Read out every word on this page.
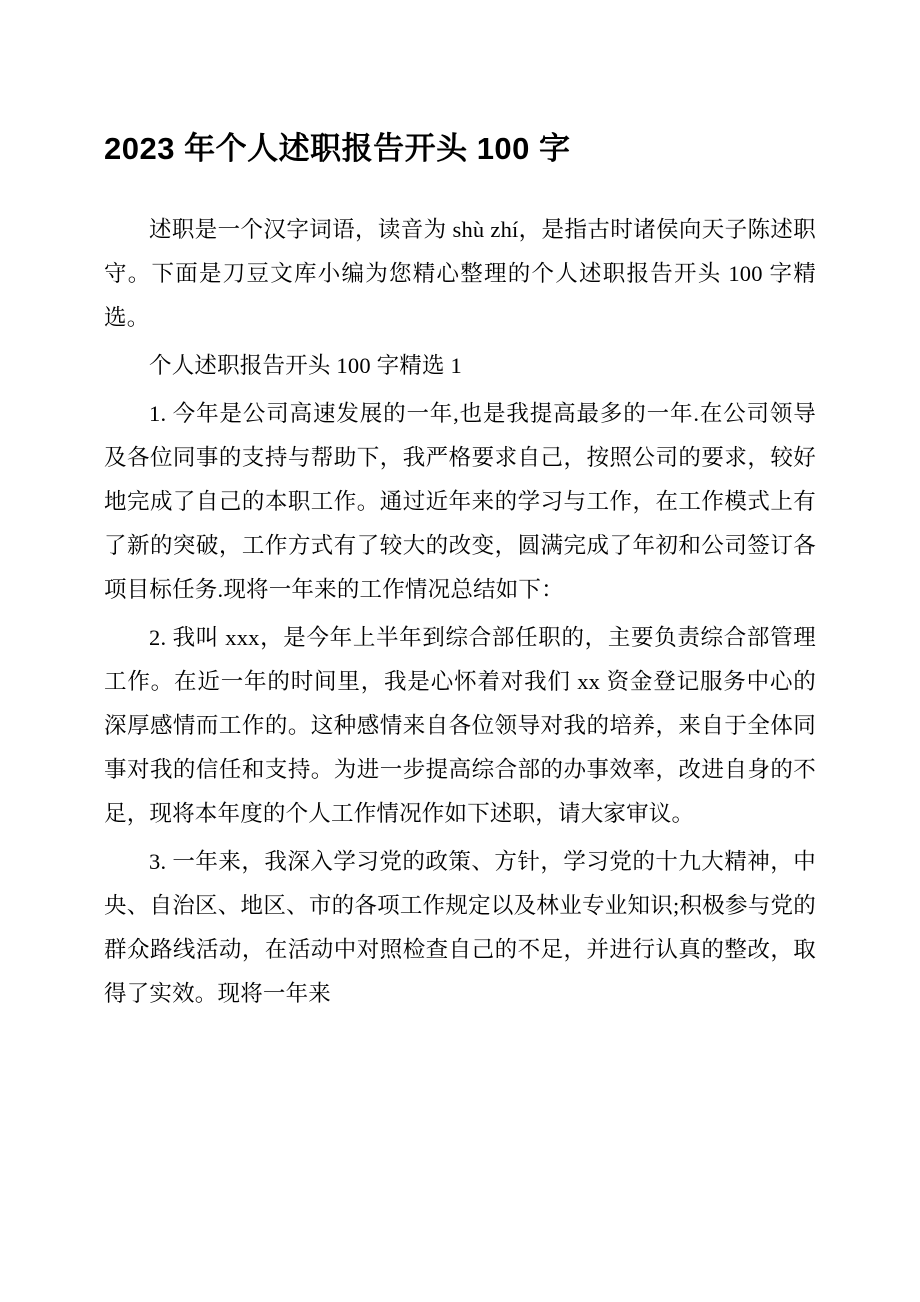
2023 年个人述职报告开头 100 字

述职是一个汉字词语，读音为 shù zhí，是指古时诸侯向天子陈述职守。下面是刀豆文库小编为您精心整理的个人述职报告开头 100 字精选。

个人述职报告开头 100 字精选 1

1. 今年是公司高速发展的一年,也是我提高最多的一年.在公司领导及各位同事的支持与帮助下，我严格要求自己，按照公司的要求，较好地完成了自己的本职工作。通过近年来的学习与工作，在工作模式上有了新的突破，工作方式有了较大的改变，圆满完成了年初和公司签订各项目标任务.现将一年来的工作情况总结如下：

2. 我叫 xxx，是今年上半年到综合部任职的，主要负责综合部管理工作。在近一年的时间里，我是心怀着对我们 xx 资金登记服务中心的深厚感情而工作的。这种感情来自各位领导对我的培养，来自于全体同事对我的信任和支持。为进一步提高综合部的办事效率，改进自身的不足，现将本年度的个人工作情况作如下述职，请大家审议。

3. 一年来，我深入学习党的政策、方针，学习党的十九大精神，中央、自治区、地区、市的各项工作规定以及林业专业知识;积极参与党的群众路线活动，在活动中对照检查自己的不足，并进行认真的整改，取得了实效。现将一年来
